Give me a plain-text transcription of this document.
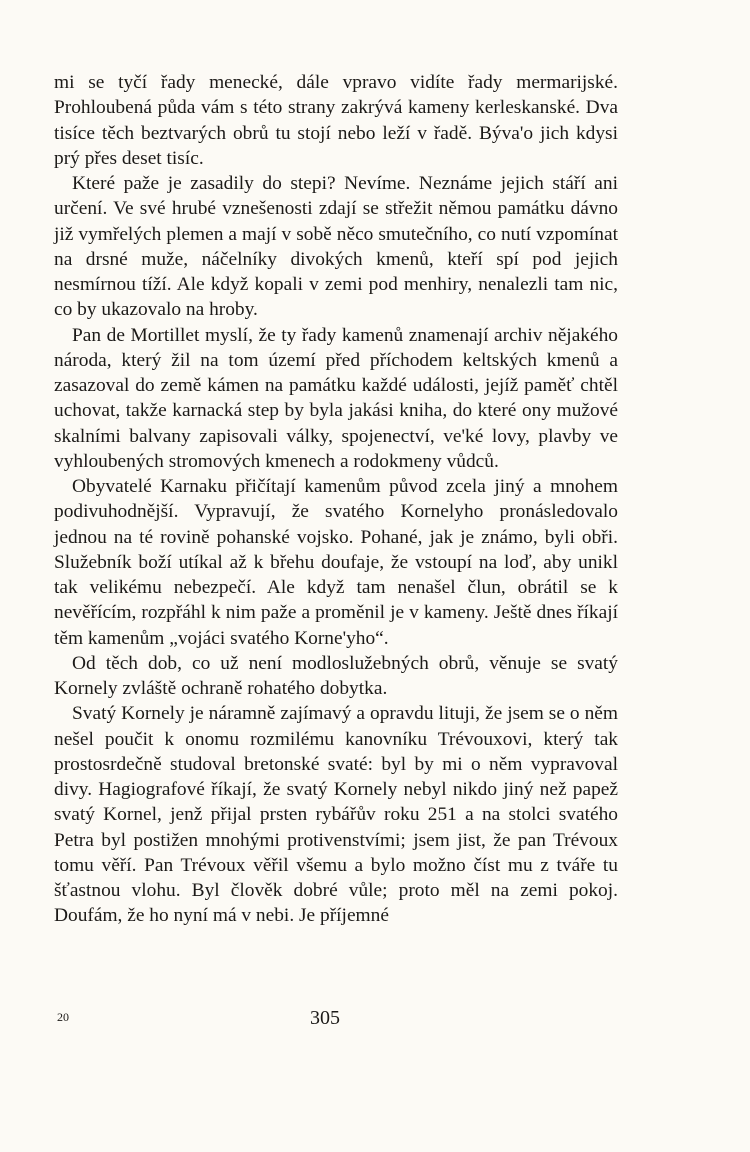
mi se tyčí řady menecké, dále vpravo vidíte řady mermarijské. Prohloubená půda vám s této strany zakrývá kameny kerleskanské. Dva tisíce těch beztvarých obrů tu stojí nebo leží v řadě. Býva'o jich kdysi prý přes deset tisíc.

Které paže je zasadily do stepi? Nevíme. Neznáme jejich stáří ani určení. Ve své hrubé vznešenosti zdají se střežit němou památku dávno již vymřelých plemen a mají v sobě něco smutečního, co nutí vzpomínat na drsné muže, náčelníky divokých kmenů, kteří spí pod jejich nesmírnou tíží. Ale když kopali v zemi pod menhiry, nenalezli tam nic, co by ukazovalo na hroby.

Pan de Mortillet myslí, že ty řady kamenů znamenají archiv nějakého národa, který žil na tom území před příchodem keltských kmenů a zasazoval do země kámen na památku každé události, jejíž paměť chtěl uchovat, takže karnacká step by byla jakási kniha, do které ony mužové skalními balvany zapisovali války, spojenectví, ve'ké lovy, plavby ve vyhloubených stromových kmenech a rodokmeny vůdců.

Obyvatelé Karnaku přičítají kamenům původ zcela jiný a mnohem podivuhodnější. Vypravují, že svatého Kornelyho pronásledovalo jednou na té rovině pohanské vojsko. Pohané, jak je známo, byli obři. Služebník boží utíkal až k břehu doufaje, že vstoupí na loď, aby unikl tak velikému nebezpečí. Ale když tam nenašel člun, obrátil se k nevěřícím, rozpřáhl k nim paže a proměnil je v kameny. Ještě dnes říkají těm kamenům „vojáci svatého Korne'yho“.

Od těch dob, co už není modloslužebných obrů, věnuje se svatý Kornely zvláště ochraně rohatého dobytka.

Svatý Kornely je náramně zajímavý a opravdu lituji, že jsem se o něm nešel poučit k onomu rozmilému kanovníku Trévouxovi, který tak prostosrdečně studoval bretonské svaté: byl by mi o něm vypravoval divy. Hagiografové říkají, že svatý Kornely nebyl nikdo jiný než papež svatý Kornel, jenž přijal prsten rybářův roku 251 a na stolci svatého Petra byl postižen mnohými protivenstvími; jsem jist, že pan Trévoux tomu věří. Pan Trévoux věřil všemu a bylo možno číst mu z tváře tu šťastnou vlohu. Byl člověk dobré vůle; proto měl na zemi pokoj. Doufám, že ho nyní má v nebi. Je příjemné

20	305
